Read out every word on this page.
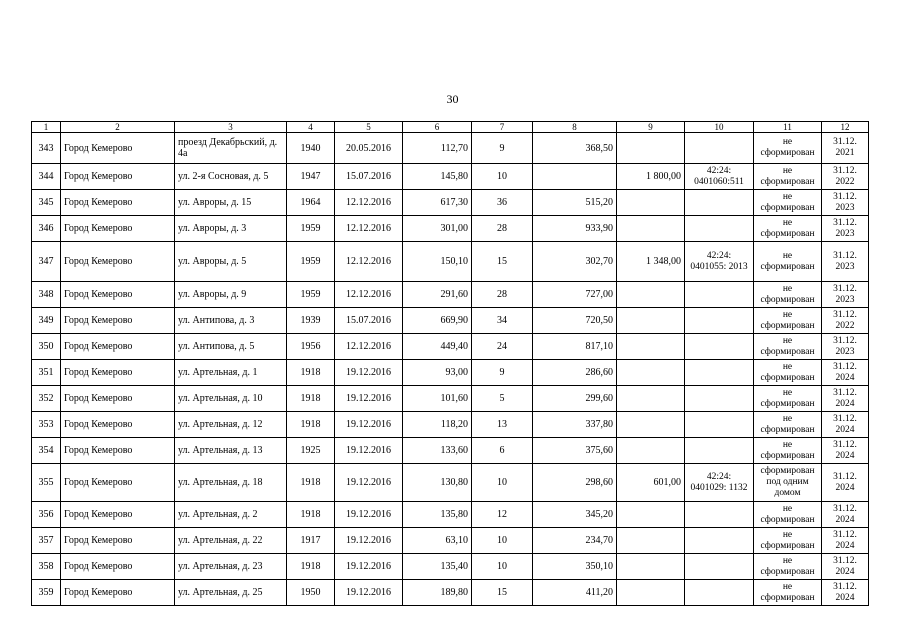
30
1	2	3	4	5	6	7	8	9	10	11	12
343	Город Кемерово	проезд Декабрьский, д. 4а	1940	20.05.2016	112,70	9	368,50			не сформирован	31.12. 2021
344	Город Кемерово	ул. 2-я Сосновая, д. 5	1947	15.07.2016	145,80	10		1 800,00	42:24: 0401060:511	не сформирован	31.12. 2022
345	Город Кемерово	ул. Авроры, д. 15	1964	12.12.2016	617,30	36	515,20			не сформирован	31.12. 2023
346	Город Кемерово	ул. Авроры, д. 3	1959	12.12.2016	301,00	28	933,90			не сформирован	31.12. 2023
347	Город Кемерово	ул. Авроры, д. 5	1959	12.12.2016	150,10	15	302,70	1 348,00	42:24: 0401055: 2013	не сформирован	31.12. 2023
348	Город Кемерово	ул. Авроры, д. 9	1959	12.12.2016	291,60	28	727,00			не сформирован	31.12. 2023
349	Город Кемерово	ул. Антипова, д. 3	1939	15.07.2016	669,90	34	720,50			не сформирован	31.12. 2022
350	Город Кемерово	ул. Антипова, д. 5	1956	12.12.2016	449,40	24	817,10			не сформирован	31.12. 2023
351	Город Кемерово	ул. Артельная, д. 1	1918	19.12.2016	93,00	9	286,60			не сформирован	31.12. 2024
352	Город Кемерово	ул. Артельная, д. 10	1918	19.12.2016	101,60	5	299,60			не сформирован	31.12. 2024
353	Город Кемерово	ул. Артельная, д. 12	1918	19.12.2016	118,20	13	337,80			не сформирован	31.12. 2024
354	Город Кемерово	ул. Артельная, д. 13	1925	19.12.2016	133,60	6	375,60			не сформирован	31.12. 2024
355	Город Кемерово	ул. Артельная, д. 18	1918	19.12.2016	130,80	10	298,60	601,00	42:24: 0401029: 1132	сформирован под одним домом	31.12. 2024
356	Город Кемерово	ул. Артельная, д. 2	1918	19.12.2016	135,80	12	345,20			не сформирован	31.12. 2024
357	Город Кемерово	ул. Артельная, д. 22	1917	19.12.2016	63,10	10	234,70			не сформирован	31.12. 2024
358	Город Кемерово	ул. Артельная, д. 23	1918	19.12.2016	135,40	10	350,10			не сформирован	31.12. 2024
359	Город Кемерово	ул. Артельная, д. 25	1950	19.12.2016	189,80	15	411,20			не сформирован	31.12. 2024
